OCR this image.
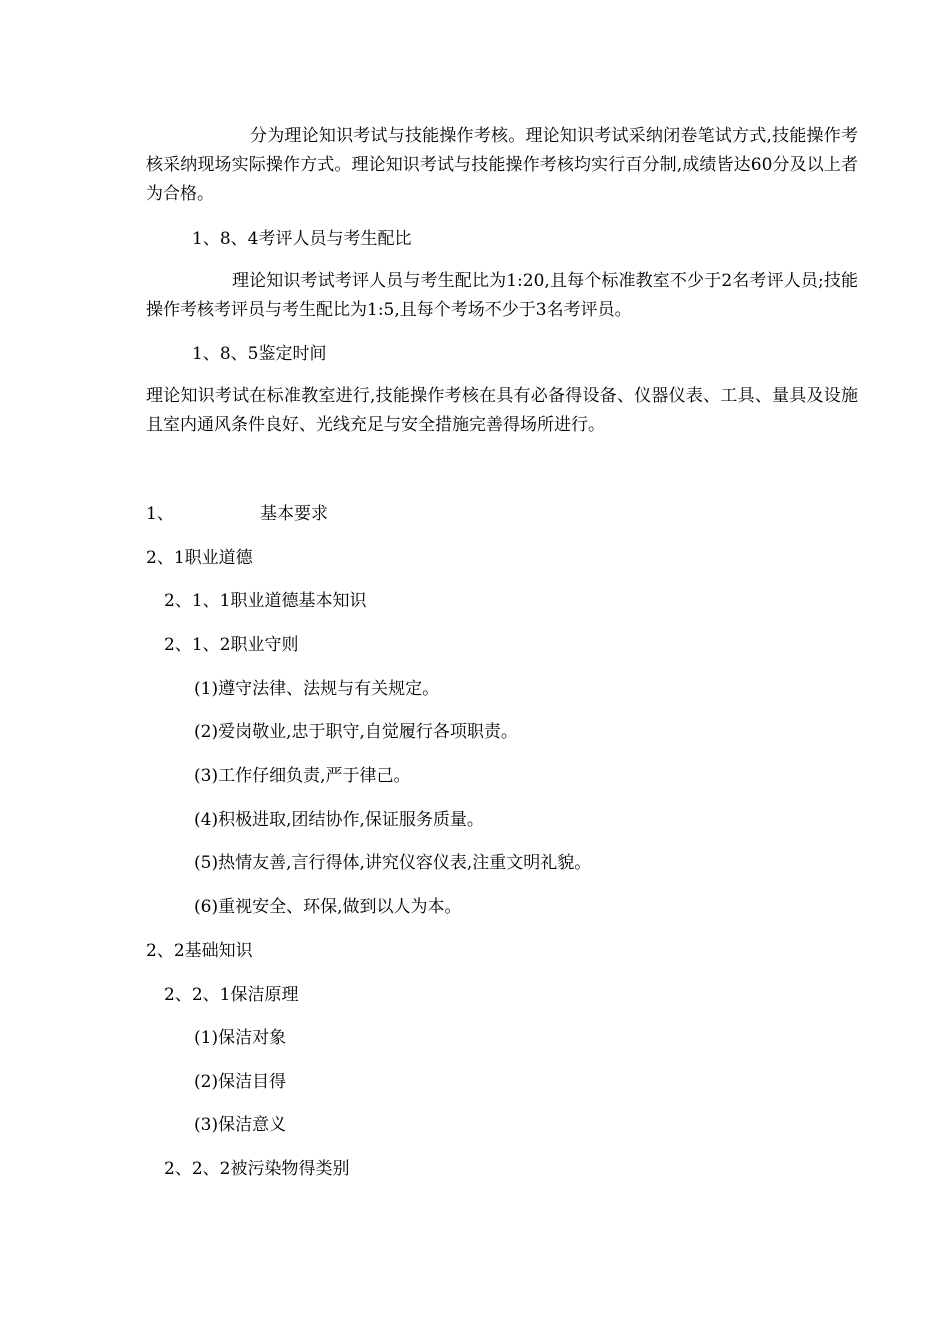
分为理论知识考试与技能操作考核。理论知识考试采纳闭卷笔试方式,技能操作考核采纳现场实际操作方式。理论知识考试与技能操作考核均实行百分制,成绩皆达60分及以上者为合格。

1、8、4考评人员与考生配比

理论知识考试考评人员与考生配比为1:20,且每个标准教室不少于2名考评人员;技能操作考核考评员与考生配比为1:5,且每个考场不少于3名考评员。

1、8、5鉴定时间

理论知识考试在标准教室进行,技能操作考核在具有必备得设备、仪器仪表、工具、量具及设施且室内通风条件良好、光线充足与安全措施完善得场所进行。

1、	基本要求

2、1职业道德

2、1、1职业道德基本知识

2、1、2职业守则

(1)遵守法律、法规与有关规定。

(2)爱岗敬业,忠于职守,自觉履行各项职责。

(3)工作仔细负责,严于律己。

(4)积极进取,团结协作,保证服务质量。

(5)热情友善,言行得体,讲究仪容仪表,注重文明礼貌。

(6)重视安全、环保,做到以人为本。

2、2基础知识

2、2、1保洁原理

(1)保洁对象

(2)保洁目得

(3)保洁意义

2、2、2被污染物得类别
